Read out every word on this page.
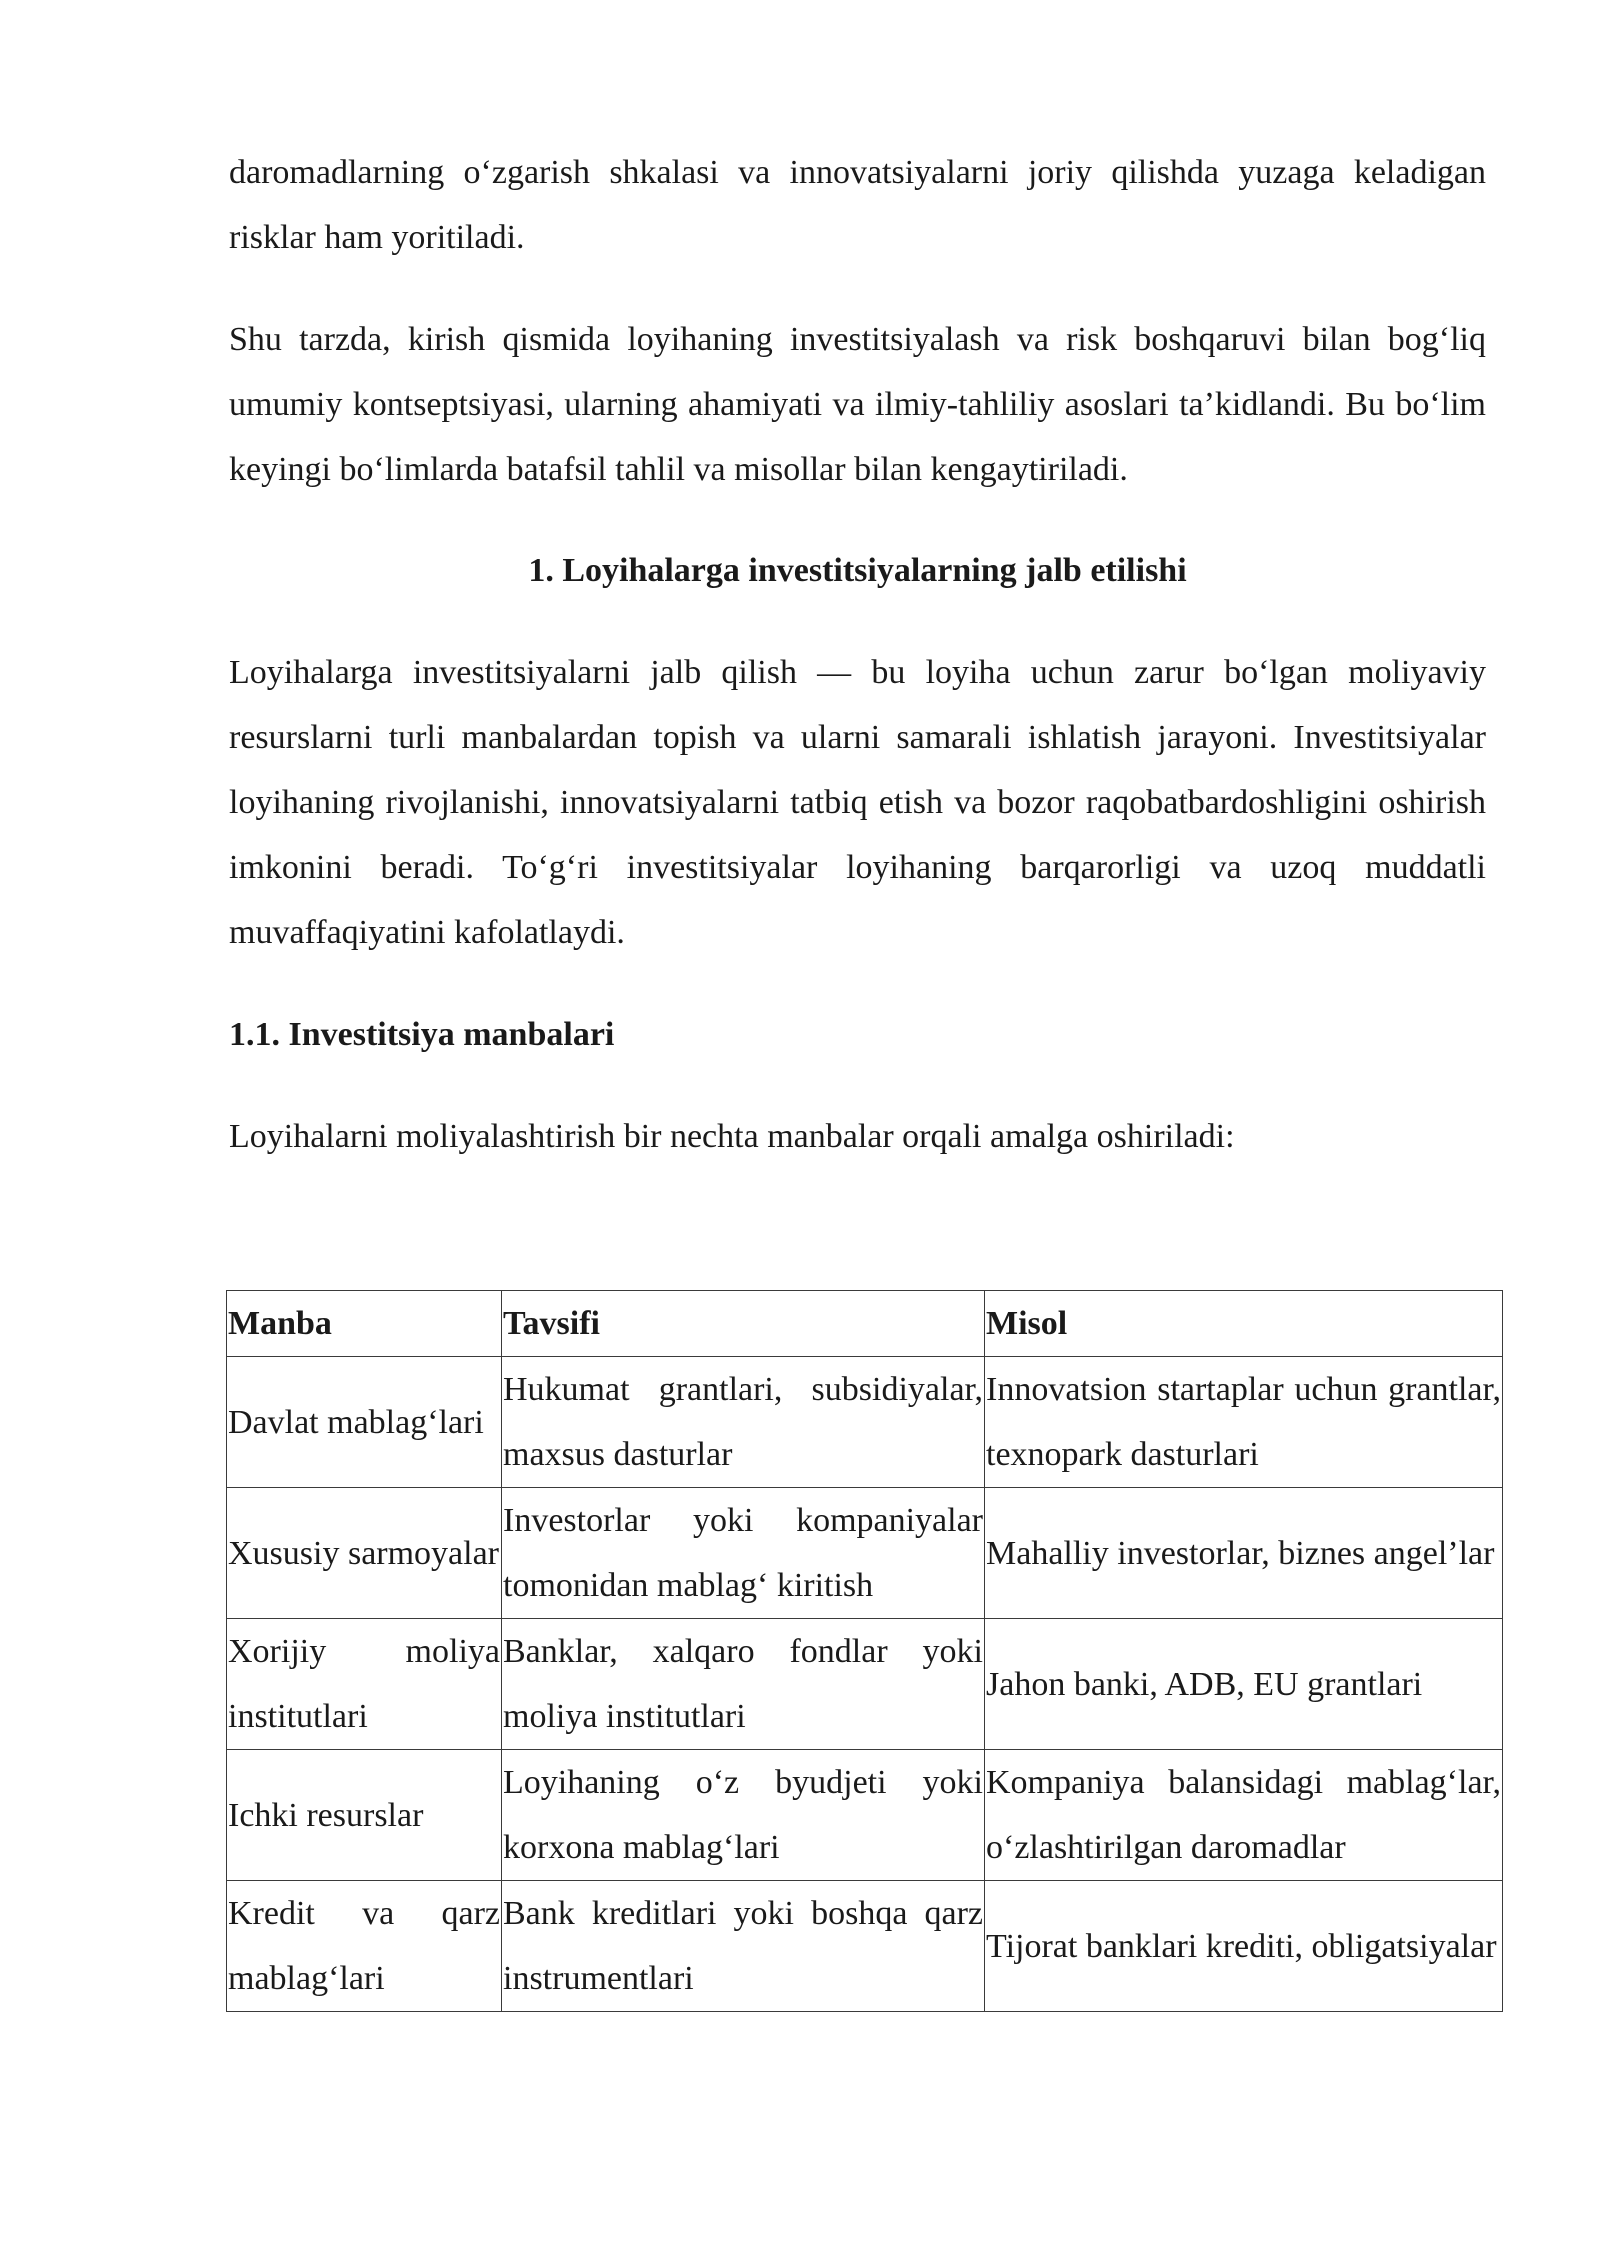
daromadlarning o‘zgarish shkalasi va innovatsiyalarni joriy qilishda yuzaga keladigan risklar ham yoritiladi.

Shu tarzda, kirish qismida loyihaning investitsiyalash va risk boshqaruvi bilan bog‘liq umumiy kontseptsiyasi, ularning ahamiyati va ilmiy-tahliliy asoslari ta’kidlandi. Bu bo‘lim keyingi bo‘limlarda batafsil tahlil va misollar bilan kengaytiriladi.

1. Loyihalarga investitsiyalarning jalb etilishi

Loyihalarga investitsiyalarni jalb qilish — bu loyiha uchun zarur bo‘lgan moliyaviy resurslarni turli manbalardan topish va ularni samarali ishlatish jarayoni. Investitsiyalar loyihaning rivojlanishi, innovatsiyalarni tatbiq etish va bozor raqobatbardoshligini oshirish imkonini beradi. To‘g‘ri investitsiyalar loyihaning barqarorligi va uzoq muddatli muvaffaqiyatini kafolatlaydi.

1.1. Investitsiya manbalari

Loyihalarni moliyalashtirish bir nechta manbalar orqali amalga oshiriladi:

Manba	Tavsifi	Misol
Davlat mablag‘lari	Hukumat grantlari, subsidiyalar, maxsus dasturlar	Innovatsion startaplar uchun grantlar, texnopark dasturlari
Xususiy sarmoyalar	Investorlar yoki kompaniyalar tomonidan mablag‘ kiritish	Mahalliy investorlar, biznes angel’lar
Xorijiy moliya institutlari	Banklar, xalqaro fondlar yoki moliya institutlari	Jahon banki, ADB, EU grantlari
Ichki resurslar	Loyihaning o‘z byudjeti yoki korxona mablag‘lari	Kompaniya balansidagi mablag‘lar, o‘zlashtirilgan daromadlar
Kredit va qarz mablag‘lari	Bank kreditlari yoki boshqa qarz instrumentlari	Tijorat banklari krediti, obligatsiyalar
